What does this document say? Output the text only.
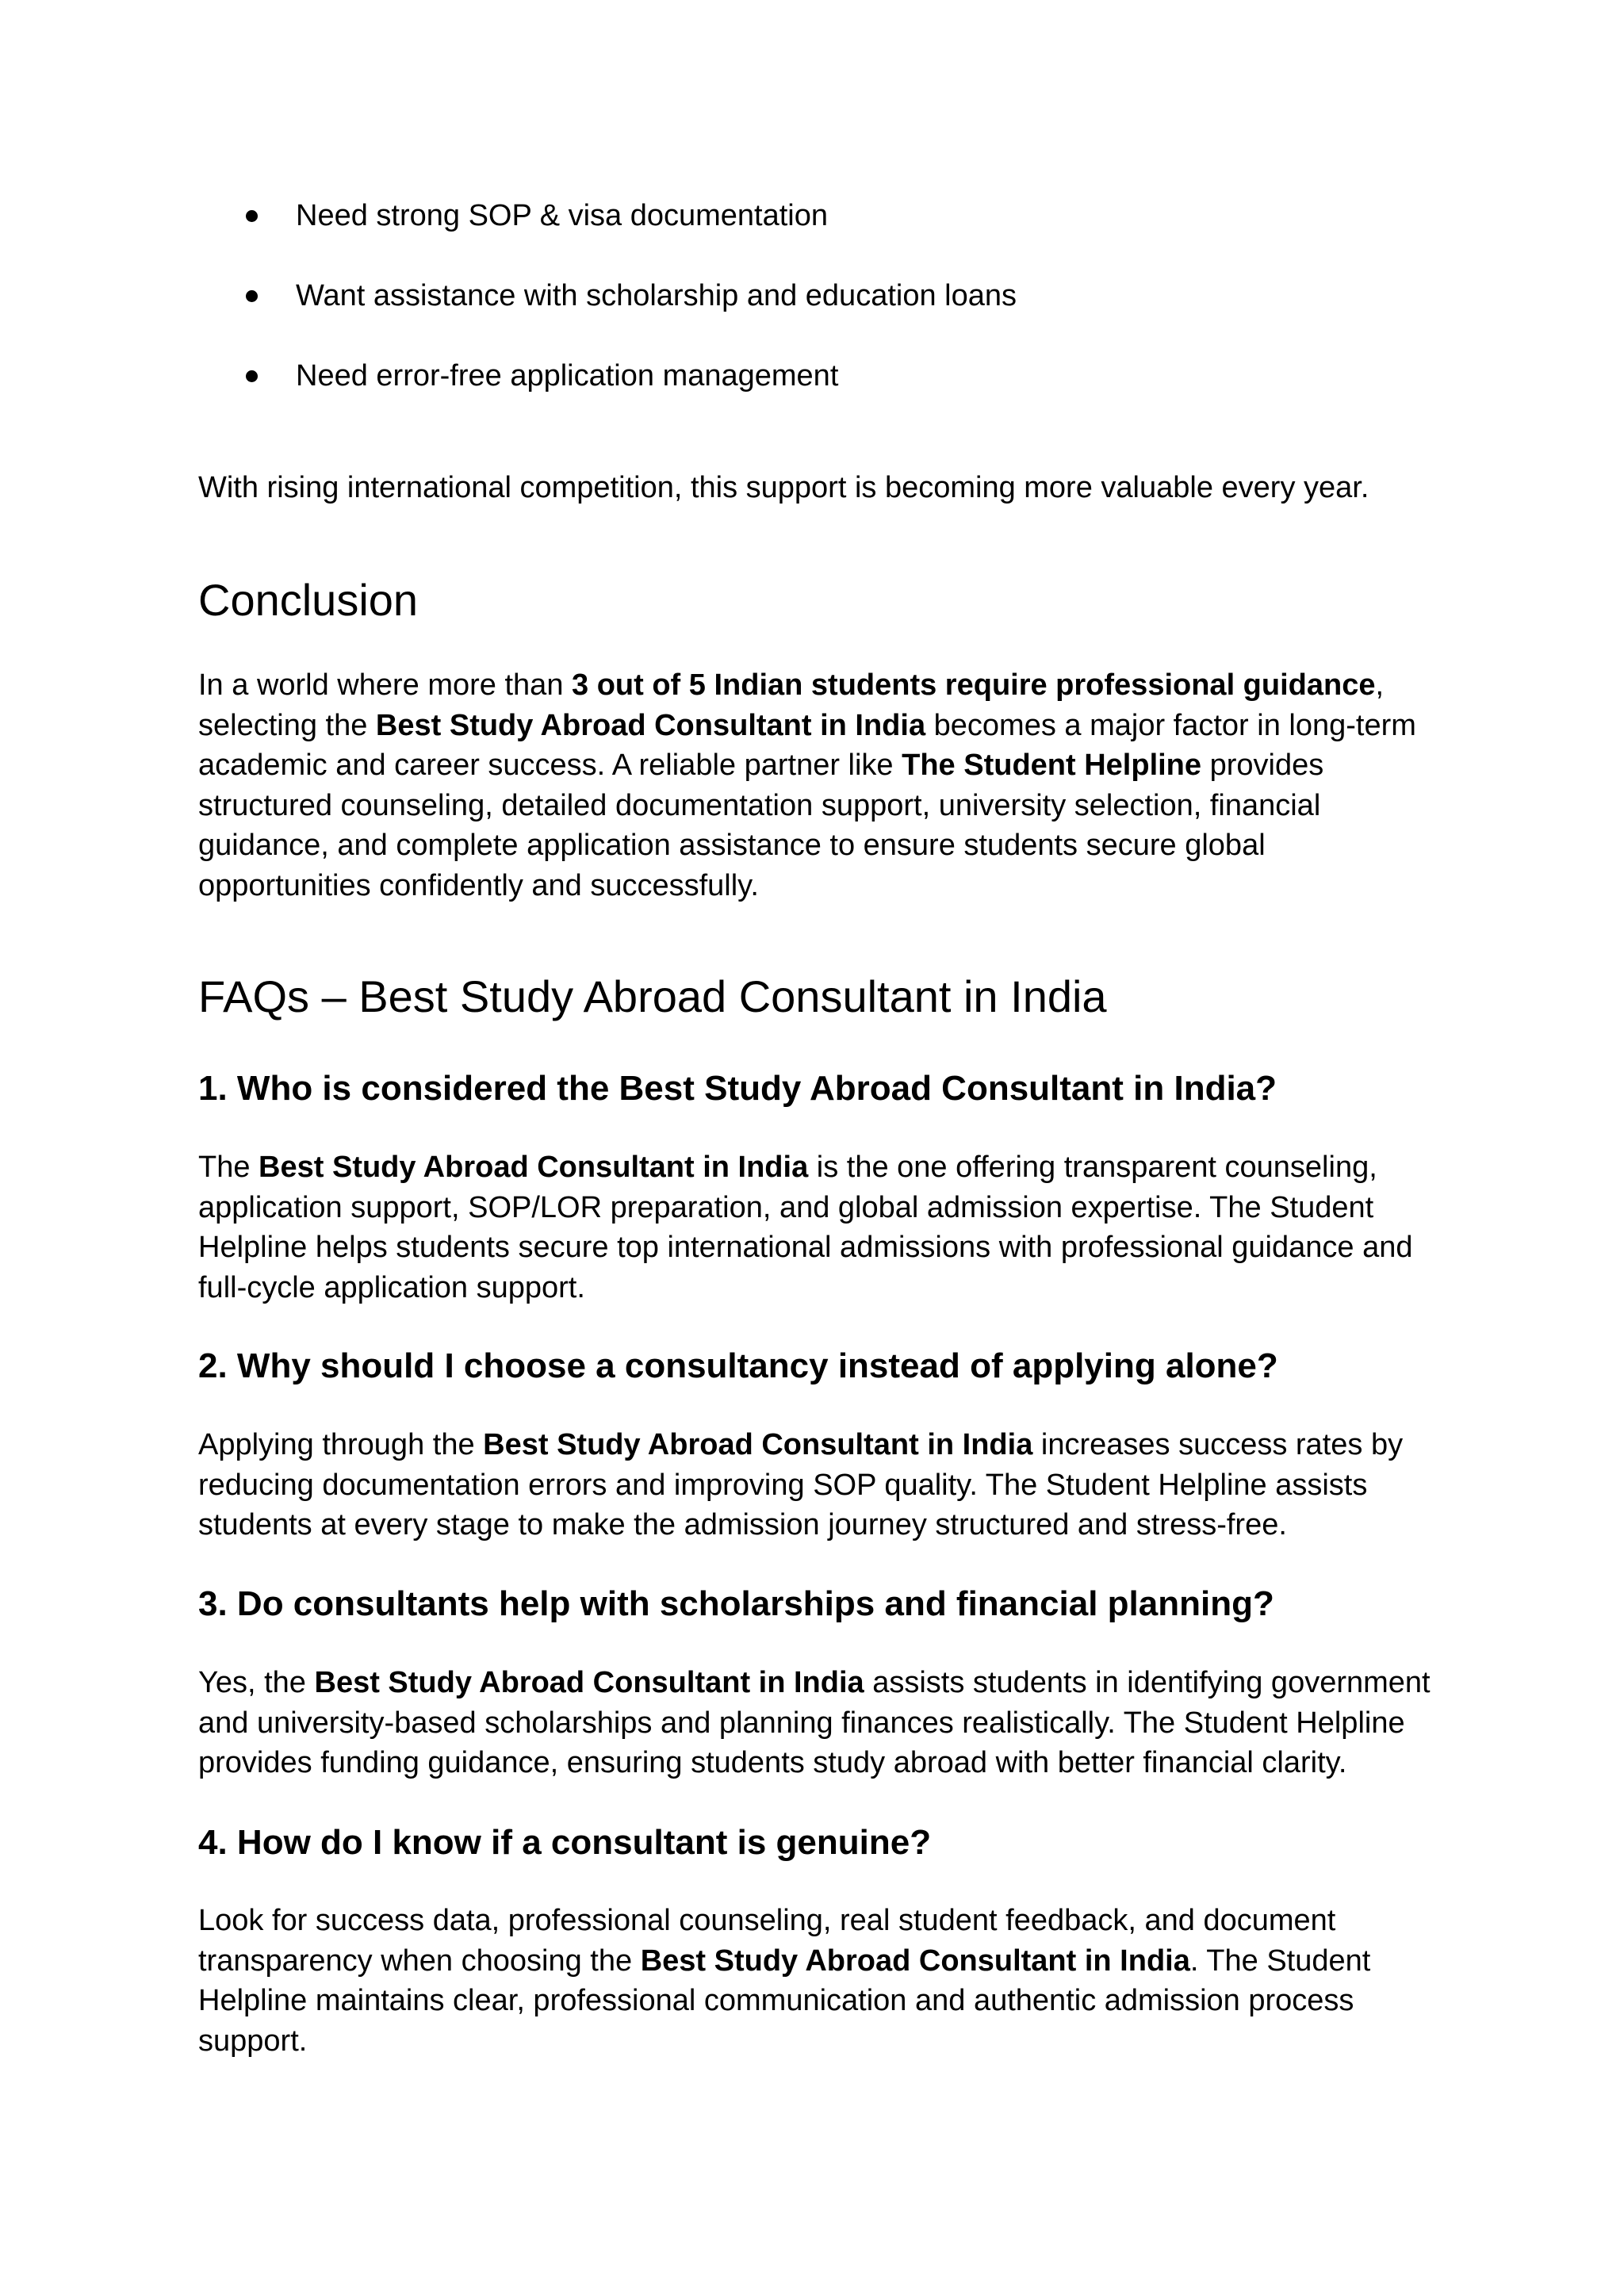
Need strong SOP & visa documentation
Want assistance with scholarship and education loans
Need error-free application management

With rising international competition, this support is becoming more valuable every year.

Conclusion

In a world where more than 3 out of 5 Indian students require professional guidance, selecting the Best Study Abroad Consultant in India becomes a major factor in long-term academic and career success. A reliable partner like The Student Helpline provides structured counseling, detailed documentation support, university selection, financial guidance, and complete application assistance to ensure students secure global opportunities confidently and successfully.

FAQs – Best Study Abroad Consultant in India
1. Who is considered the Best Study Abroad Consultant in India?

The Best Study Abroad Consultant in India is the one offering transparent counseling, application support, SOP/LOR preparation, and global admission expertise. The Student Helpline helps students secure top international admissions with professional guidance and full-cycle application support.

2. Why should I choose a consultancy instead of applying alone?

Applying through the Best Study Abroad Consultant in India increases success rates by reducing documentation errors and improving SOP quality. The Student Helpline assists students at every stage to make the admission journey structured and stress-free.

3. Do consultants help with scholarships and financial planning?

Yes, the Best Study Abroad Consultant in India assists students in identifying government and university-based scholarships and planning finances realistically. The Student Helpline provides funding guidance, ensuring students study abroad with better financial clarity.

4. How do I know if a consultant is genuine?

Look for success data, professional counseling, real student feedback, and document transparency when choosing the Best Study Abroad Consultant in India. The Student Helpline maintains clear, professional communication and authentic admission process support.
